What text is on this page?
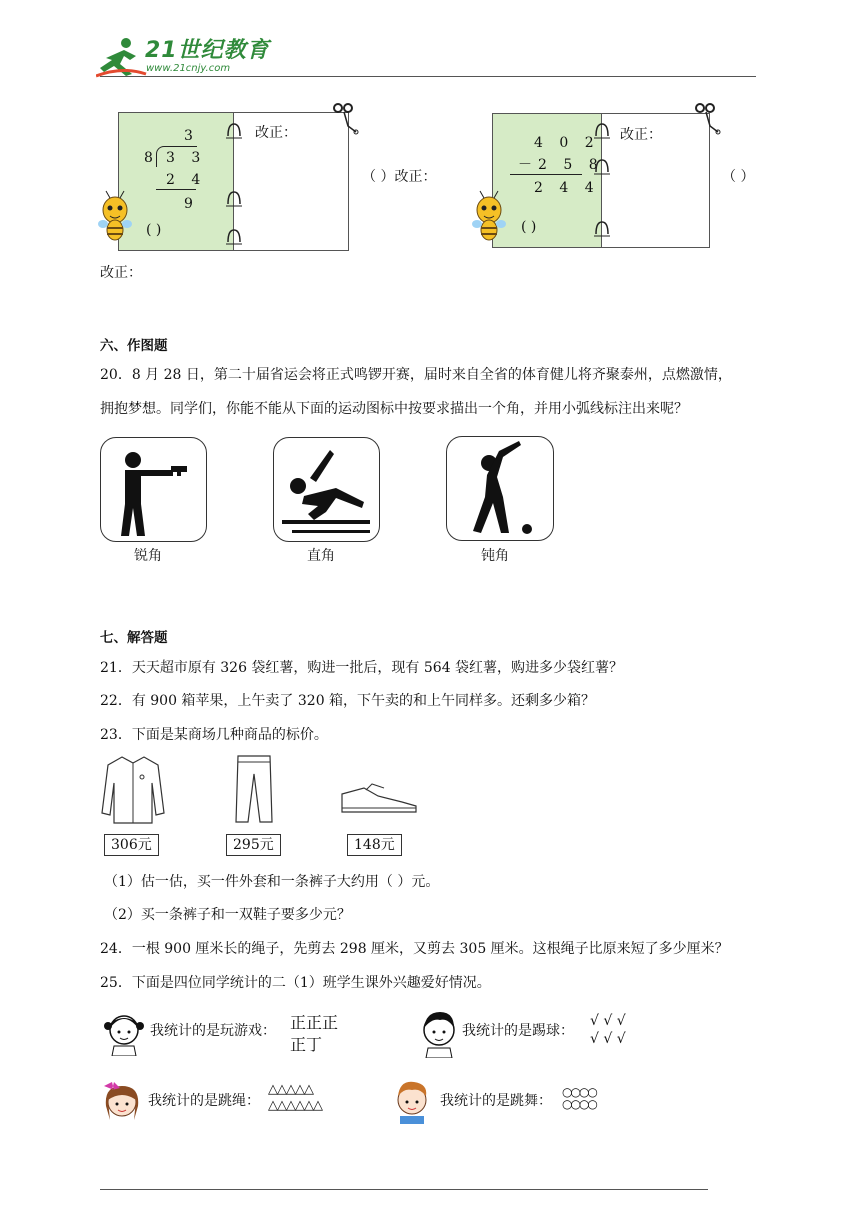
21世纪教育
www.21cnjy.com
3
8 3 3
2 4
9
( )
改正：
（ ）改正：
4 0 2
－2 5 8
2 4 4
( )
改正：
（ ）
改正：
六、作图题
20．8 月 28 日，第二十届省运会将正式鸣锣开赛，届时来自全省的体育健儿将齐聚泰州，点燃激情，
拥抱梦想。同学们，你能不能从下面的运动图标中按要求描出一个角，并用小弧线标注出来呢？
锐角	直角	钝角
七、解答题
21．天天超市原有 326 袋红薯，购进一批后，现有 564 袋红薯，购进多少袋红薯？
22．有 900 箱苹果，上午卖了 320 箱，下午卖的和上午同样多。还剩多少箱？
23．下面是某商场几种商品的标价。
306元	295元	148元
（1）估一估，买一件外套和一条裤子大约用（ ）元。
（2）买一条裤子和一双鞋子要多少元？
24．一根 900 厘米长的绳子，先剪去 298 厘米，又剪去 305 厘米。这根绳子比原来短了多少厘米？
25．下面是四位同学统计的二（1）班学生课外兴趣爱好情况。
我统计的是玩游戏： 正正正
正丁
我统计的是踢球：
√ √ √
√ √ √
我统计的是跳绳：
△△△△△
△△△△△△	我统计的是跳舞：
○○○○
○○○○
